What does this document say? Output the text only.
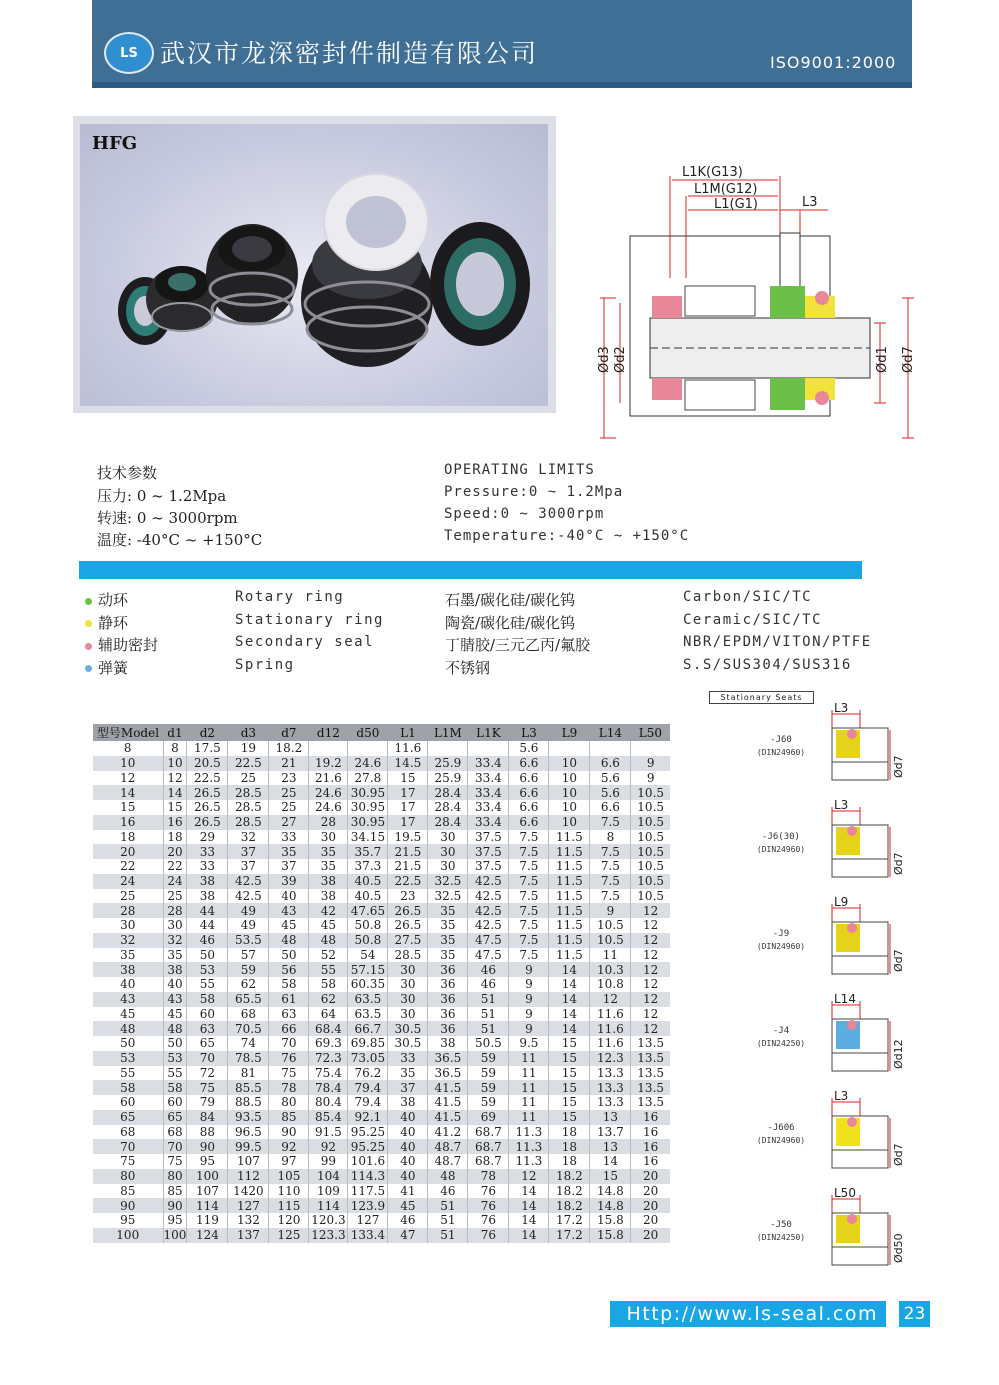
LS 武汉市龙深密封件制造有限公司	ISO9001:2000
HFG
L1K(G13)
L1M(G12)
L1(G1)	L3
Ød3 Ød2	Ød1 Ød7
技术参数
压力: 0 ~ 1.2Mpa
转速: 0 ~ 3000rpm
温度: -40°C ~ +150°C
OPERATING LIMITS
Pressure:0 ~ 1.2Mpa
Speed:0 ~ 3000rpm
Temperature:-40°C ~ +150°C
动环	Rotary ring	石墨/碳化硅/碳化钨	Carbon/SIC/TC
静环	Stationary ring	陶瓷/碳化硅/碳化钨	Ceramic/SIC/TC
辅助密封	Secondary seal	丁腈胶/三元乙丙/氟胶	NBR/EPDM/VITON/PTFE
弹簧	Spring	不锈钢	S.S/SUS304/SUS316
型号Model	d1	d2	d3	d7	d12	d50	L1	L1M	L1K	L3	L9	L14	L50
8	8	17.5	19	18.2			11.6			5.6			
10	10	20.5	22.5	21	19.2	24.6	14.5	25.9	33.4	6.6	10	6.6	9
12	12	22.5	25	23	21.6	27.8	15	25.9	33.4	6.6	10	5.6	9
14	14	26.5	28.5	25	24.6	30.95	17	28.4	33.4	6.6	10	5.6	10.5
15	15	26.5	28.5	25	24.6	30.95	17	28.4	33.4	6.6	10	6.6	10.5
16	16	26.5	28.5	27	28	30.95	17	28.4	33.4	6.6	10	7.5	10.5
18	18	29	32	33	30	34.15	19.5	30	37.5	7.5	11.5	8	10.5
20	20	33	37	35	35	35.7	21.5	30	37.5	7.5	11.5	7.5	10.5
22	22	33	37	37	35	37.3	21.5	30	37.5	7.5	11.5	7.5	10.5
24	24	38	42.5	39	38	40.5	22.5	32.5	42.5	7.5	11.5	7.5	10.5
25	25	38	42.5	40	38	40.5	23	32.5	42.5	7.5	11.5	7.5	10.5
28	28	44	49	43	42	47.65	26.5	35	42.5	7.5	11.5	9	12
30	30	44	49	45	45	50.8	26.5	35	42.5	7.5	11.5	10.5	12
32	32	46	53.5	48	48	50.8	27.5	35	47.5	7.5	11.5	10.5	12
35	35	50	57	50	52	54	28.5	35	47.5	7.5	11.5	11	12
38	38	53	59	56	55	57.15	30	36	46	9	14	10.3	12
40	40	55	62	58	58	60.35	30	36	46	9	14	10.8	12
43	43	58	65.5	61	62	63.5	30	36	51	9	14	12	12
45	45	60	68	63	64	63.5	30	36	51	9	14	11.6	12
48	48	63	70.5	66	68.4	66.7	30.5	36	51	9	14	11.6	12
50	50	65	74	70	69.3	69.85	30.5	38	50.5	9.5	15	11.6	13.5
53	53	70	78.5	76	72.3	73.05	33	36.5	59	11	15	12.3	13.5
55	55	72	81	75	75.4	76.2	35	36.5	59	11	15	13.3	13.5
58	58	75	85.5	78	78.4	79.4	37	41.5	59	11	15	13.3	13.5
60	60	79	88.5	80	80.4	79.4	38	41.5	59	11	15	13.3	13.5
65	65	84	93.5	85	85.4	92.1	40	41.5	69	11	15	13	16
68	68	88	96.5	90	91.5	95.25	40	41.2	68.7	11.3	18	13.7	16
70	70	90	99.5	92	92	95.25	40	48.7	68.7	11.3	18	13	16
75	75	95	107	97	99	101.6	40	48.7	68.7	11.3	18	14	16
80	80	100	112	105	104	114.3	40	48	78	12	18.2	15	20
85	85	107	1420	110	109	117.5	41	46	76	14	18.2	14.8	20
90	90	114	127	115	114	123.9	45	51	76	14	18.2	14.8	20
95	95	119	132	120	120.3	127	46	51	76	14	17.2	15.8	20
100	100	124	137	125	123.3	133.4	47	51	76	14	17.2	15.8	20
Stationary Seats
-J60
(DIN24960)
L3
Ød7
-J6(30)
(DIN24960)
L3
Ød7
-J9
(DIN24960)
L9
Ød7
-J4
(DIN24250)
L14
Ød12
-J606
(DIN24960)
L3
Ød7
-J50
(DIN24250)
L50
Ød50
Http://www.ls-seal.com	23
